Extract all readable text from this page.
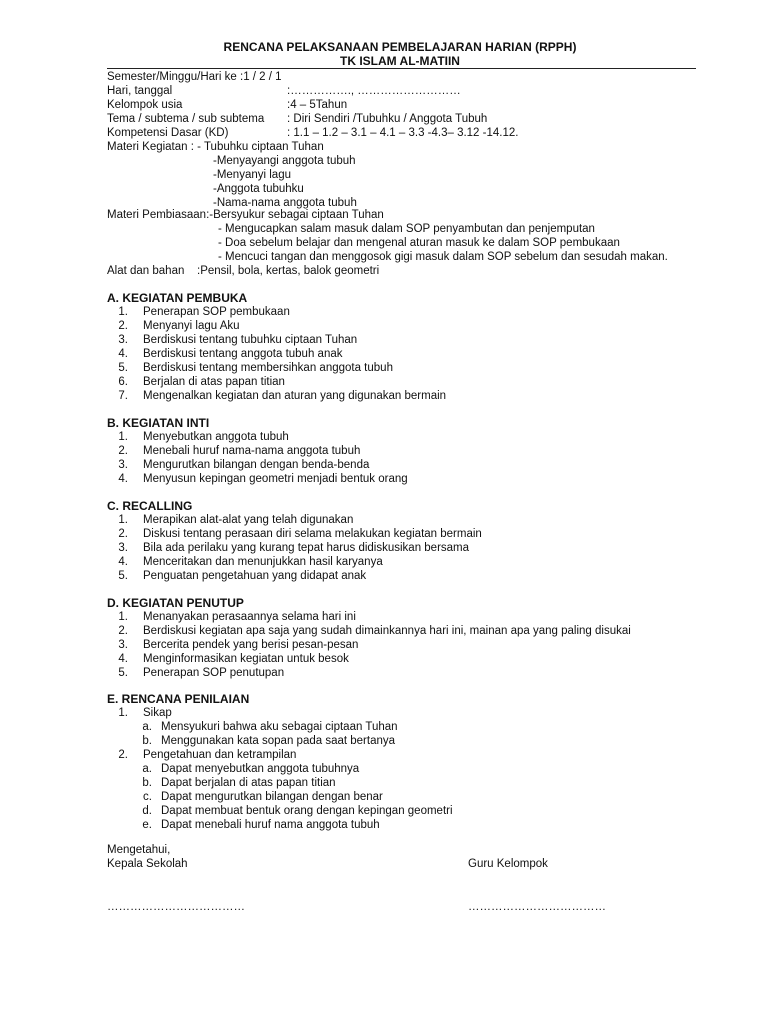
RENCANA PELAKSANAAN PEMBELAJARAN HARIAN (RPPH)
TK ISLAM AL-MATIIN
Semester/Minggu/Hari ke :1 / 2 / 1
Hari, tanggal	:……………., ………………………
Kelompok usia	:4 – 5Tahun
Tema / subtema / sub subtema : Diri Sendiri /Tubuhku / Anggota Tubuh
Kompetensi Dasar (KD)	: 1.1 – 1.2 – 3.1 – 4.1 – 3.3 -4.3– 3.12 -14.12.
Materi Kegiatan : - Tubuhku ciptaan Tuhan
-Menyayangi anggota tubuh
-Menyanyi lagu
-Anggota tubuhku
-Nama-nama anggota tubuh
Materi Pembiasaan:-Bersyukur sebagai ciptaan Tuhan
- Mengucapkan salam masuk dalam SOP penyambutan dan penjemputan
- Doa sebelum belajar dan mengenal aturan masuk ke dalam SOP pembukaan
- Mencuci tangan dan menggosok gigi masuk dalam SOP sebelum dan sesudah makan.
Alat dan bahan :Pensil, bola, kertas, balok geometri
A. KEGIATAN PEMBUKA
1. Penerapan SOP pembukaan
2. Menyanyi lagu Aku
3. Berdiskusi tentang tubuhku ciptaan Tuhan
4. Berdiskusi tentang anggota tubuh anak
5. Berdiskusi tentang membersihkan anggota tubuh
6. Berjalan di atas papan titian
7. Mengenalkan kegiatan dan aturan yang digunakan bermain
B. KEGIATAN INTI
1. Menyebutkan anggota tubuh
2. Menebali huruf nama-nama anggota tubuh
3. Mengurutkan bilangan dengan benda-benda
4. Menyusun kepingan geometri menjadi bentuk orang
C. RECALLING
1. Merapikan alat-alat yang telah digunakan
2. Diskusi tentang perasaan diri selama melakukan kegiatan bermain
3. Bila ada perilaku yang kurang tepat harus didiskusikan bersama
4. Menceritakan dan menunjukkan hasil karyanya
5. Penguatan pengetahuan yang didapat anak
D. KEGIATAN PENUTUP
1. Menanyakan perasaannya selama hari ini
2. Berdiskusi kegiatan apa saja yang sudah dimainkannya hari ini, mainan apa yang paling disukai
3. Bercerita pendek yang berisi pesan-pesan
4. Menginformasikan kegiatan untuk besok
5. Penerapan SOP penutupan
E. RENCANA PENILAIAN
1. Sikap
a. Mensyukuri bahwa aku sebagai ciptaan Tuhan
b. Menggunakan kata sopan pada saat bertanya
2. Pengetahuan dan ketrampilan
a. Dapat menyebutkan anggota tubuhnya
b. Dapat berjalan di atas papan titian
c. Dapat mengurutkan bilangan dengan benar
d. Dapat membuat bentuk orang dengan kepingan geometri
e. Dapat menebali huruf nama anggota tubuh
Mengetahui,
Kepala Sekolah	Guru Kelompok
………………………………	………………………………
